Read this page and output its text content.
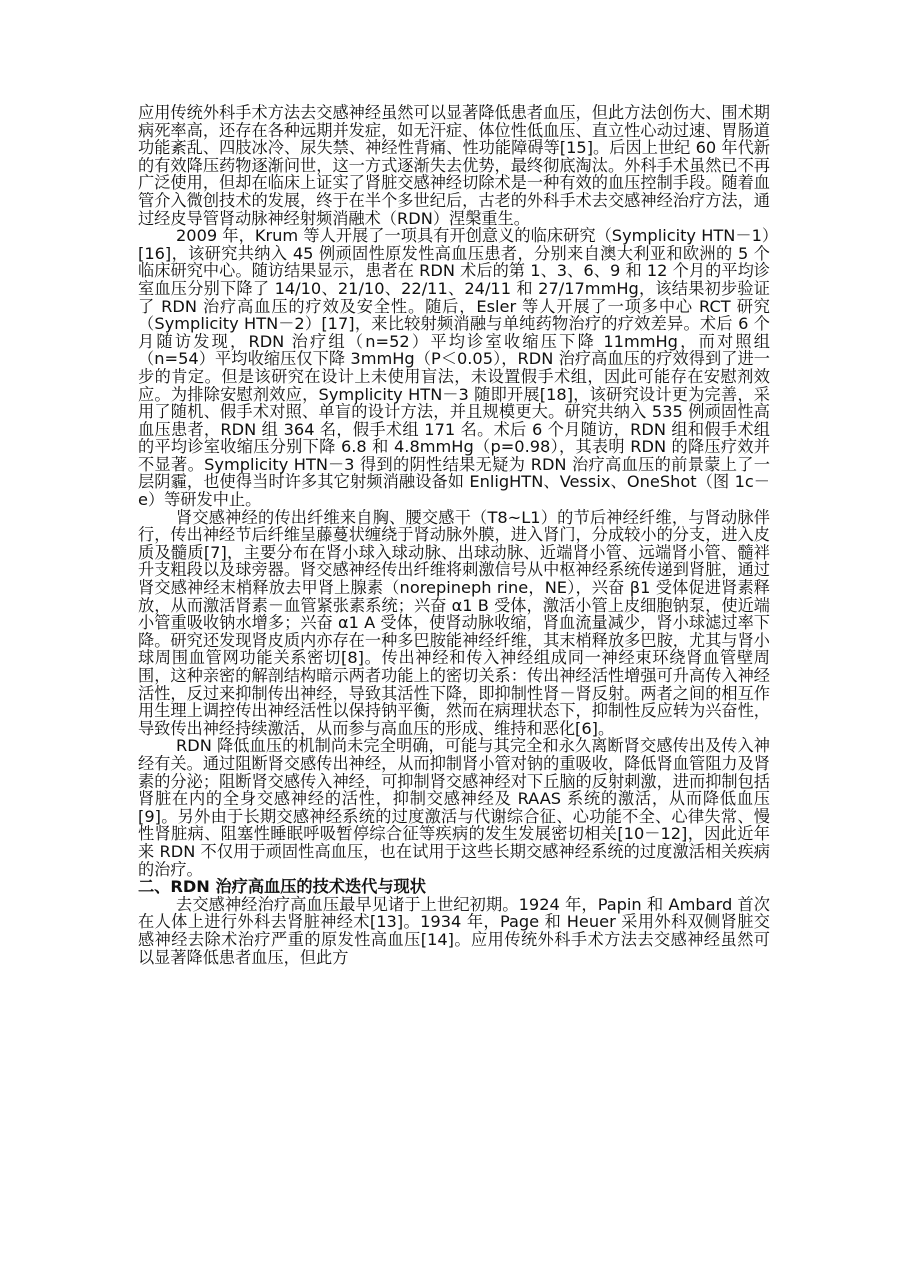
应用传统外科手术方法去交感神经虽然可以显著降低患者血压，但此方法创伤大、围术期病死率高，还存在各种远期并发症，如无汗症、体位性低血压、直立性心动过速、胃肠道功能紊乱、四肢冰冷、尿失禁、神经性背痛、性功能障碍等[15]。后因上世纪 60 年代新的有效降压药物逐渐问世，这一方式逐渐失去优势，最终彻底淘汰。外科手术虽然已不再广泛使用，但却在临床上证实了肾脏交感神经切除术是一种有效的血压控制手段。随着血管介入微创技术的发展，终于在半个多世纪后，古老的外科手术去交感神经治疗方法，通过经皮导管肾动脉神经射频消融术（RDN）涅槃重生。

2009 年，Krum 等人开展了一项具有开创意义的临床研究（Symplicity HTN－1）[16]，该研究共纳入 45 例顽固性原发性高血压患者，分别来自澳大利亚和欧洲的 5 个临床研究中心。随访结果显示，患者在 RDN 术后的第 1、3、6、9 和 12 个月的平均诊室血压分别下降了 14/10、21/10、22/11、24/11 和 27/17mmHg，该结果初步验证了 RDN 治疗高血压的疗效及安全性。随后，Esler 等人开展了一项多中心 RCT 研究（Symplicity HTN－2）[17]，来比较射频消融与单纯药物治疗的疗效差异。术后 6 个月随访发现，RDN 治疗组（n=52）平均诊室收缩压下降 11mmHg，而对照组（n=54）平均收缩压仅下降 3mmHg（P＜0.05），RDN 治疗高血压的疗效得到了进一步的肯定。但是该研究在设计上未使用盲法，未设置假手术组，因此可能存在安慰剂效应。为排除安慰剂效应，Symplicity HTN－3 随即开展[18]，该研究设计更为完善，采用了随机、假手术对照、单盲的设计方法，并且规模更大。研究共纳入 535 例顽固性高血压患者，RDN 组 364 名，假手术组 171 名。术后 6 个月随访，RDN 组和假手术组的平均诊室收缩压分别下降 6.8 和 4.8mmHg（p=0.98），其表明 RDN 的降压疗效并不显著。Symplicity HTN－3 得到的阴性结果无疑为 RDN 治疗高血压的前景蒙上了一层阴霾，也使得当时许多其它射频消融设备如 EnligHTN、Vessix、OneShot（图 1c－e）等研发中止。

肾交感神经的传出纤维来自胸、腰交感干（T8~L1）的节后神经纤维，与肾动脉伴行，传出神经节后纤维呈藤蔓状缠绕于肾动脉外膜，进入肾门，分成较小的分支，进入皮质及髓质[7]，主要分布在肾小球入球动脉、出球动脉、近端肾小管、远端肾小管、髓袢升支粗段以及球旁器。肾交感神经传出纤维将刺激信号从中枢神经系统传递到肾脏，通过肾交感神经末梢释放去甲肾上腺素（norepineph rine，NE），兴奋 β1 受体促进肾素释放，从而激活肾素－血管紧张素系统；兴奋 α1 B 受体，激活小管上皮细胞钠泵，使近端小管重吸收钠水增多；兴奋 α1 A 受体，使肾动脉收缩，肾血流量减少，肾小球滤过率下降。研究还发现肾皮质内亦存在一种多巴胺能神经纤维，其末梢释放多巴胺，尤其与肾小球周围血管网功能关系密切[8]。传出神经和传入神经组成同一神经束环绕肾血管壁周围，这种亲密的解剖结构暗示两者功能上的密切关系：传出神经活性增强可升高传入神经活性，反过来抑制传出神经，导致其活性下降，即抑制性肾－肾反射。两者之间的相互作用生理上调控传出神经活性以保持钠平衡，然而在病理状态下，抑制性反应转为兴奋性，导致传出神经持续激活，从而参与高血压的形成、维持和恶化[6]。

RDN 降低血压的机制尚未完全明确，可能与其完全和永久离断肾交感传出及传入神经有关。通过阻断肾交感传出神经，从而抑制肾小管对钠的重吸收，降低肾血管阻力及肾素的分泌；阻断肾交感传入神经，可抑制肾交感神经对下丘脑的反射刺激，进而抑制包括肾脏在内的全身交感神经的活性，抑制交感神经及 RAAS 系统的激活，从而降低血压[9]。另外由于长期交感神经系统的过度激活与代谢综合征、心功能不全、心律失常、慢性肾脏病、阻塞性睡眠呼吸暂停综合征等疾病的发生发展密切相关[10－12]，因此近年来 RDN 不仅用于顽固性高血压，也在试用于这些长期交感神经系统的过度激活相关疾病的治疗。

二、RDN 治疗高血压的技术迭代与现状

去交感神经治疗高血压最早见诸于上世纪初期。1924 年，Papin 和 Ambard 首次在人体上进行外科去肾脏神经术[13]。1934 年，Page 和 Heuer 采用外科双侧肾脏交感神经去除术治疗严重的原发性高血压[14]。应用传统外科手术方法去交感神经虽然可以显著降低患者血压，但此方
